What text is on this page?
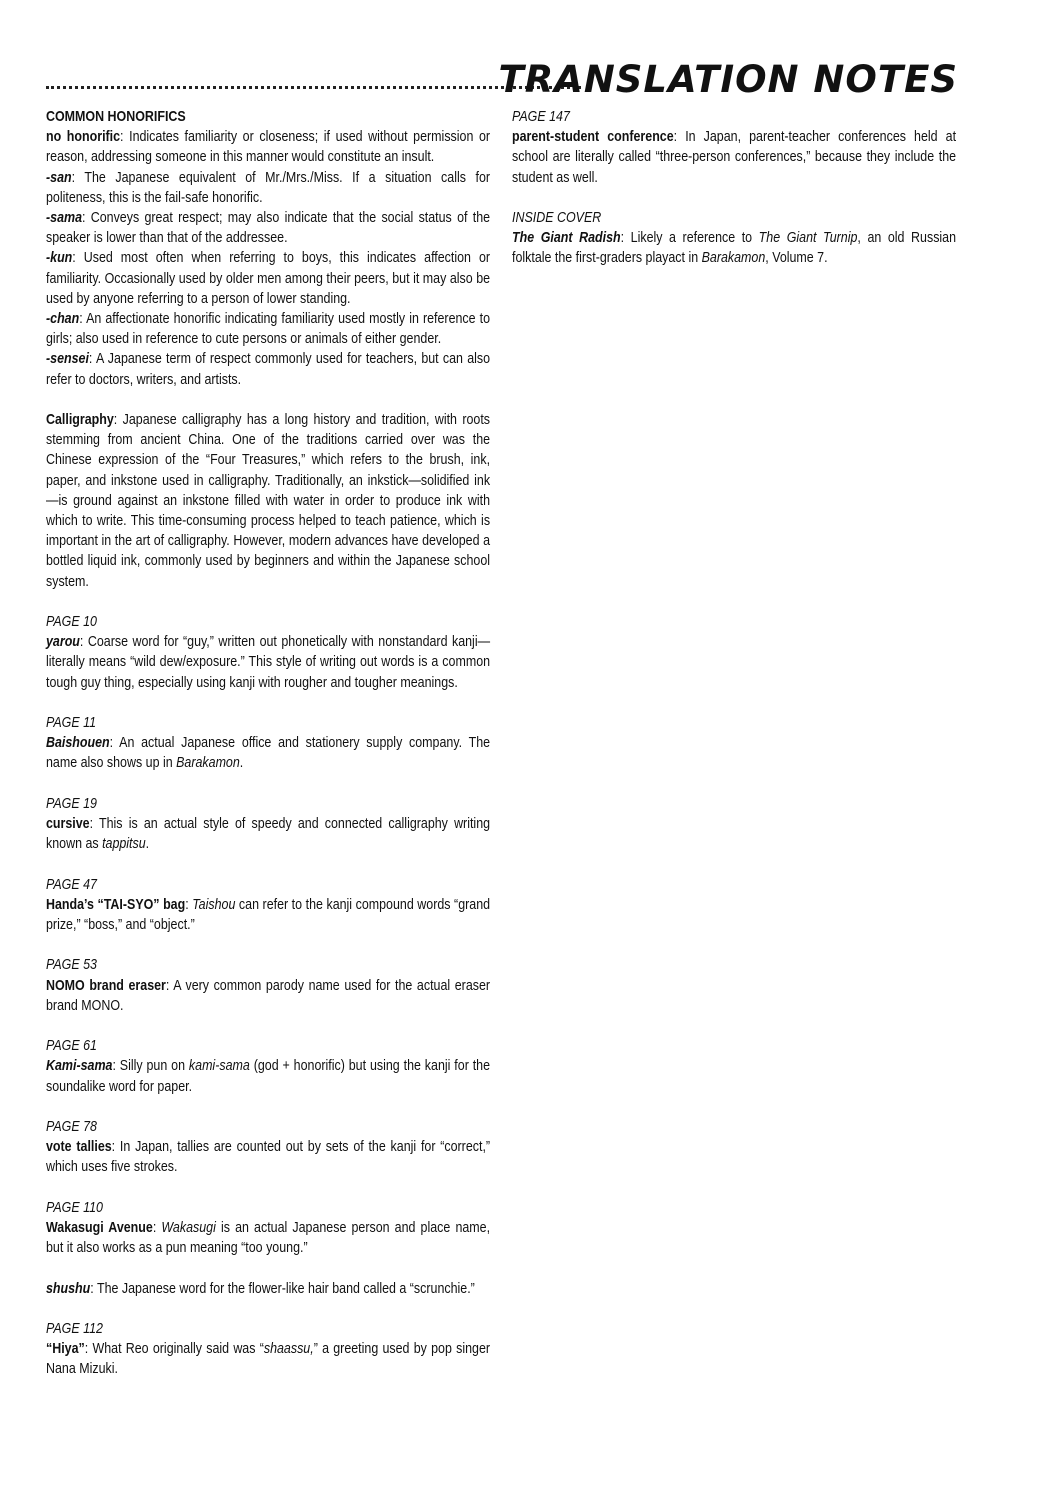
TRANSLATION NOTES

COMMON HONORIFICS

no honorific: Indicates familiarity or closeness; if used without permission or reason, addressing someone in this manner would constitute an insult.

-san: The Japanese equivalent of Mr./Mrs./Miss. If a situation calls for politeness, this is the fail-safe honorific.

-sama: Conveys great respect; may also indicate that the social status of the speaker is lower than that of the addressee.

-kun: Used most often when referring to boys, this indicates affection or familiarity. Occasionally used by older men among their peers, but it may also be used by anyone referring to a person of lower standing.

-chan: An affectionate honorific indicating familiarity used mostly in reference to girls; also used in reference to cute persons or animals of either gender.

-sensei: A Japanese term of respect commonly used for teachers, but can also refer to doctors, writers, and artists.

Calligraphy: Japanese calligraphy has a long history and tradition, with roots stemming from ancient China. One of the traditions carried over was the Chinese expression of the “Four Treasures,” which refers to the brush, ink, paper, and inkstone used in calligraphy. Traditionally, an inkstick—solidified ink—is ground against an inkstone filled with water in order to produce ink with which to write. This time-consuming process helped to teach patience, which is important in the art of calligraphy. However, modern advances have developed a bottled liquid ink, commonly used by beginners and within the Japanese school system.

PAGE 10

yarou: Coarse word for “guy,” written out phonetically with nonstandard kanji—literally means “wild dew/exposure.” This style of writing out words is a common tough guy thing, especially using kanji with rougher and tougher meanings.

PAGE 11

Baishouen: An actual Japanese office and stationery supply company. The name also shows up in Barakamon.

PAGE 19

cursive: This is an actual style of speedy and connected calligraphy writing known as tappitsu.

PAGE 47

Handa’s “TAI-SYO” bag: Taishou can refer to the kanji compound words “grand prize,” “boss,” and “object.”

PAGE 53

NOMO brand eraser: A very common parody name used for the actual eraser brand MONO.

PAGE 61

Kami-sama: Silly pun on kami-sama (god + honorific) but using the kanji for the soundalike word for paper.

PAGE 78

vote tallies: In Japan, tallies are counted out by sets of the kanji for “correct,” which uses five strokes.

PAGE 110

Wakasugi Avenue: Wakasugi is an actual Japanese person and place name, but it also works as a pun meaning “too young.”

shushu: The Japanese word for the flower-like hair band called a “scrunchie.”

PAGE 112

“Hiya”: What Reo originally said was “shaassu,” a greeting used by pop singer Nana Mizuki.

PAGE 147

parent-student conference: In Japan, parent-teacher conferences held at school are literally called “three-person conferences,” because they include the student as well.

INSIDE COVER

The Giant Radish: Likely a reference to The Giant Turnip, an old Russian folktale the first-graders playact in Barakamon, Volume 7.
